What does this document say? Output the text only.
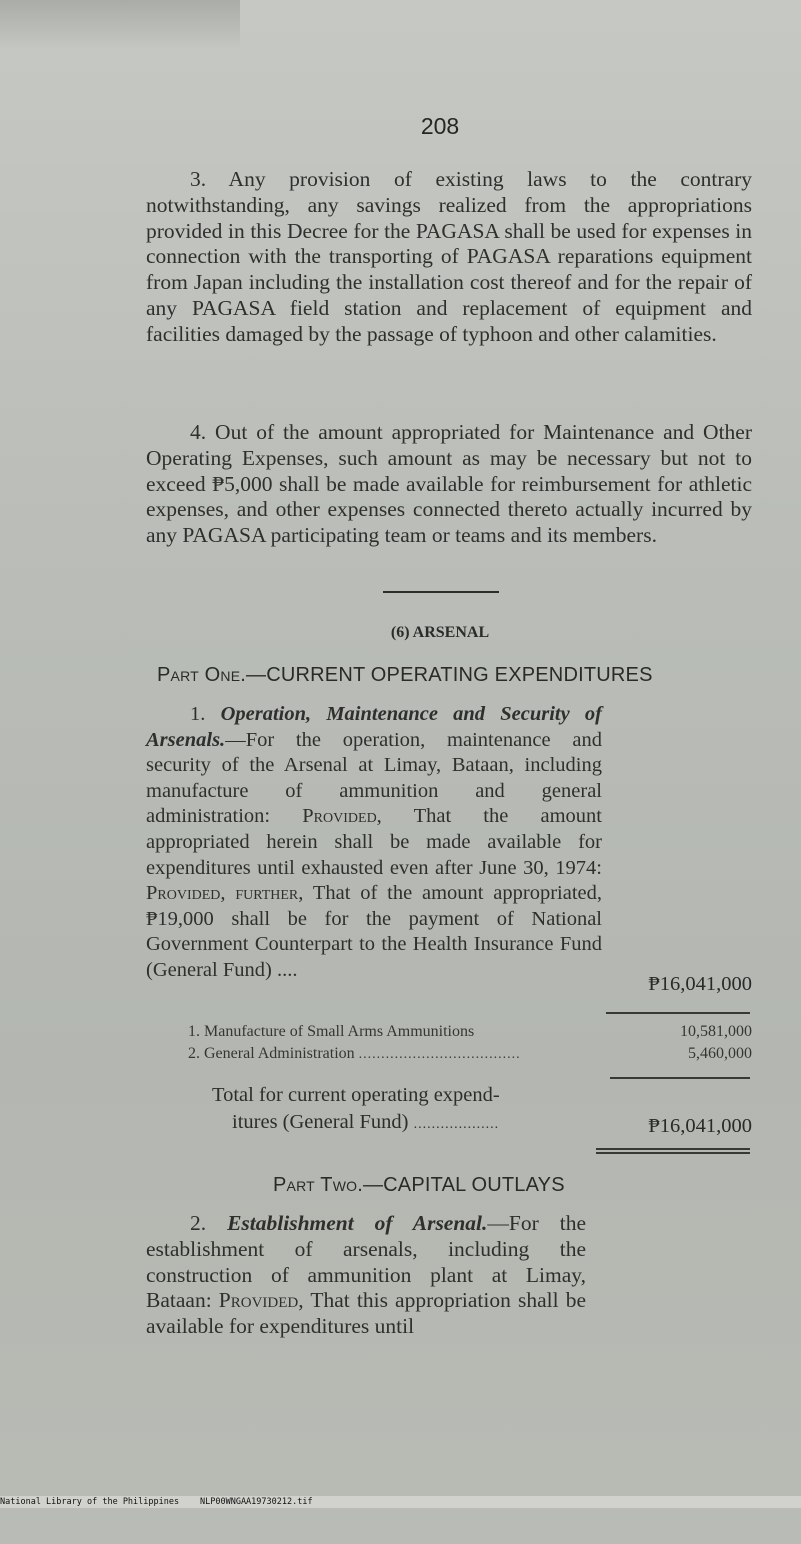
208

3. Any provision of existing laws to the contrary notwithstanding, any savings realized from the appropriations provided in this Decree for the PAGASA shall be used for expenses in connection with the transporting of PAGASA reparations equipment from Japan including the installation cost thereof and for the repair of any PAGASA field station and replacement of equipment and facilities damaged by the passage of typhoon and other calamities.

4. Out of the amount appropriated for Maintenance and Other Operating Expenses, such amount as may be necessary but not to exceed ₱5,000 shall be made available for reimbursement for athletic expenses, and other expenses connected thereto actually incurred by any PAGASA participating team or teams and its members.

(6) ARSENAL
Part One.—CURRENT OPERATING EXPENDITURES

1. Operation, Maintenance and Security of Arsenals.—For the operation, maintenance and security of the Arsenal at Limay, Bataan, including manufacture of ammunition and general administration: Provided, That the amount appropriated herein shall be made available for expenditures until exhausted even after June 30, 1974: Provided, further, That of the amount appropriated, ₱19,000 shall be for the payment of National Government Counterpart to the Health Insurance Fund (General Fund) ....

₱16,041,000
1. Manufacture of Small Arms Ammunitions	10,581,000
2. General Administration ....................................	5,460,000
Total for current operating expend-
itures (General Fund) ...................	₱16,041,000
Part Two.—CAPITAL OUTLAYS

2. Establishment of Arsenal.—For the establishment of arsenals, including the construction of ammunition plant at Limay, Bataan: Provided, That this appropriation shall be available for expenditures until

National Library of the Philippines

NLP00WNGAA19730212.tif
